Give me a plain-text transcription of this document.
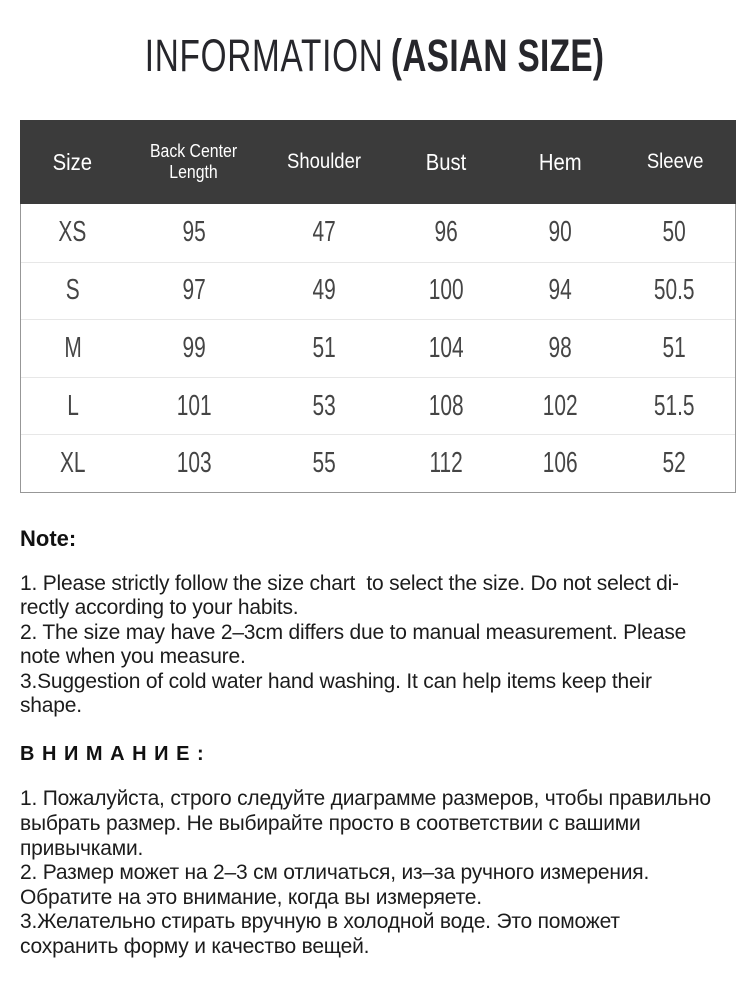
INFORMATION (ASIAN SIZE)
Size	Back Center
Length	Shoulder	Bust	Hem	Sleeve
XS	95	47	96	90	50
S	97	49	100	94	50.5
M	99	51	104	98	51
L	101	53	108	102	51.5
XL	103	55	112	106	52
Note:
1. Please strictly follow the size chart  to select the size. Do not select di-
rectly according to your habits.
2. The size may have 2–3cm differs due to manual measurement. Please
note when you measure.
3.Suggestion of cold water hand washing. It can help items keep their
shape.
В Н И М А Н И Е :
1. Пожалуйста, строго следуйте диаграмме размеров, чтобы правильно
выбрать размер. Не выбирайте просто в соответствии с вашими
привычками.
2. Размер может на 2–3 см отличаться, из–за ручного измерения.
Обратите на это внимание, когда вы измеряете.
3.Желательно стирать вручную в холодной воде. Это поможет
сохранить форму и качество вещей.
